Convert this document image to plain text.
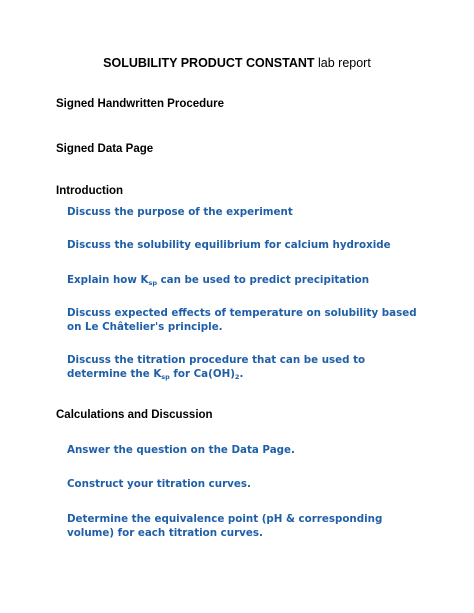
SOLUBILITY PRODUCT CONSTANT lab report
Signed Handwritten Procedure
Signed Data Page
Introduction
Discuss the purpose of the experiment
Discuss the solubility equilibrium for calcium hydroxide
Explain how $K_{sp}$ can be used to predict precipitation
Discuss expected effects of temperature on solubility based on Le Châtelier's principle.
Discuss the titration procedure that can be used to determine the $K_{sp}$ for $Ca(OH)_2$.
Calculations and Discussion
Answer the question on the Data Page.
Construct your titration curves.
Determine the equivalence point (pH & corresponding volume) for each titration curves.
